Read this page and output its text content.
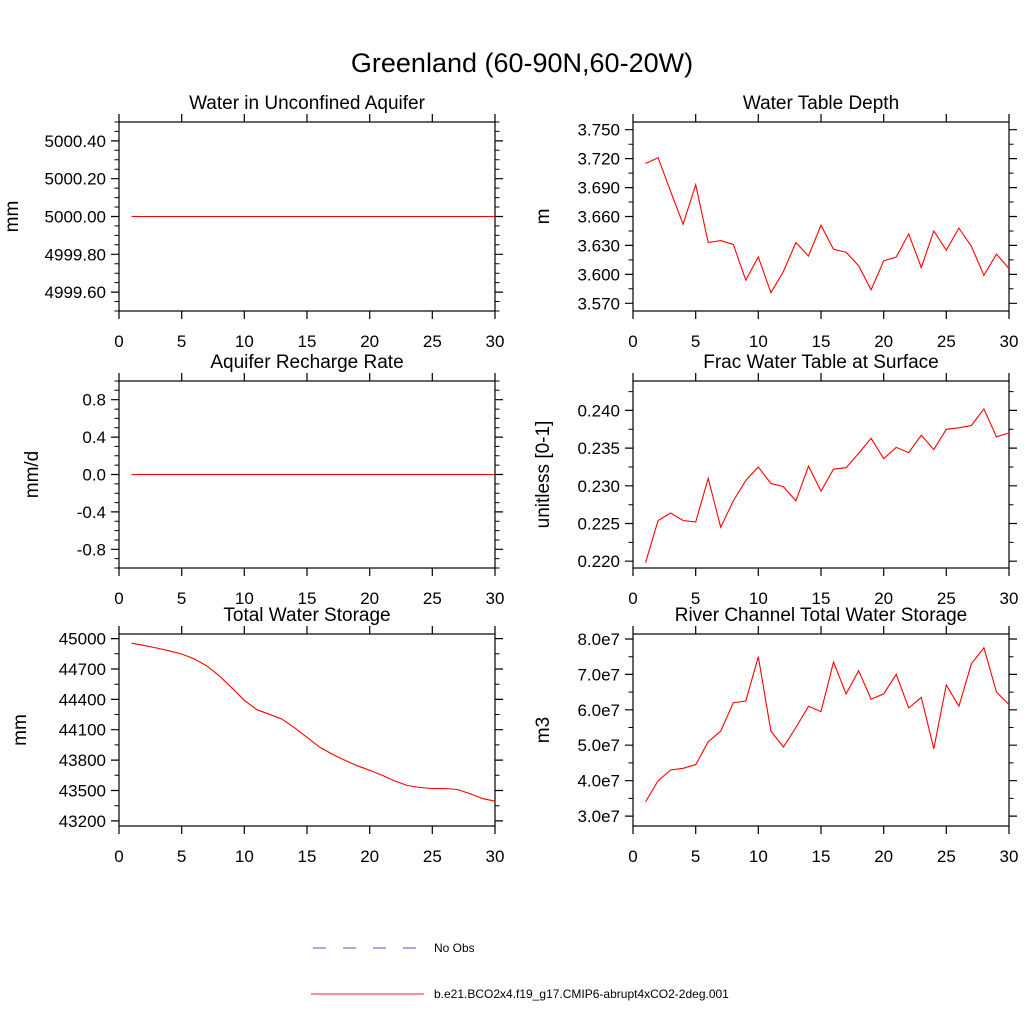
Greenland (60-90N,60-20W)
0	5	10	15	20	25	30
4999.60
4999.80
5000.00
5000.20
5000.40
Water in Unconfined Aquifer
mm
0	5	10	15	20	25	30
3.570
3.600
3.630
3.660
3.690
3.720
3.750
Water Table Depth
m
0	5	10	15	20	25	30
-0.8
-0.4
0.0
0.4
0.8
Aquifer Recharge Rate
mm/d
0	5	10	15	20	25	30
0.220
0.225
0.230
0.235
0.240
Frac Water Table at Surface
unitless [0-1]
0	5	10	15	20	25	30
43200
43500
43800
44100
44400
44700
45000
Total Water Storage
mm
0	5	10	15	20	25	30
3.0e7
4.0e7
5.0e7
6.0e7
7.0e7
8.0e7
River Channel Total Water Storage
m3
No Obs
b.e21.BCO2x4.f19_g17.CMIP6-abrupt4xCO2-2deg.001
